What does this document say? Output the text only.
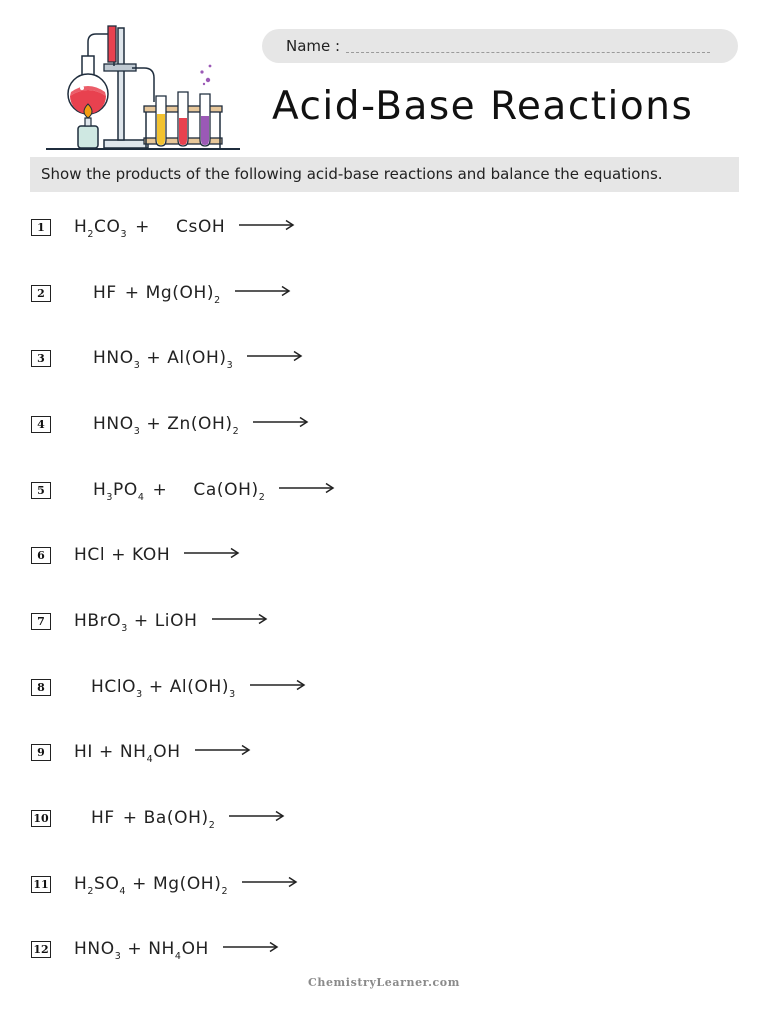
Name :
Acid-Base Reactions
Show the products of the following acid-base reactions and balance the equations.
1	$H_2$ $CO_3$ + CsOH
2	HF + $Mg(OH)_2$
3	$HNO_3 + Al(OH)_3$
4	$HNO_3 + Zn(OH)_2$
5	$H_3$ $PO_4 + Ca(OH)_2$
6	HCl + KOH
7	HBrO$_3$ + LiOH
8	HClO$_3$ + $Al(OH)_3$
9	HI + $NH_4$ OH
10 HF + $Ba(OH)_2$
11 $H_2$ $SO_4 + Mg(OH)_2$
12 $HNO_3 + NH_4$ OH
ChemistryLearner.com
